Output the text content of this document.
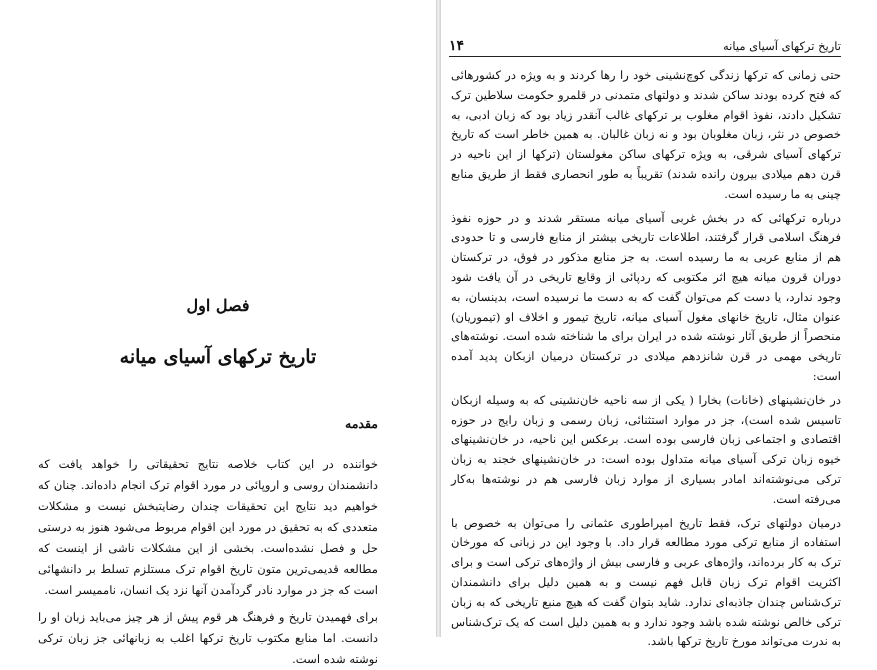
فصل اول
تاریخ ترکهای آسیای میانه
مقدمه

خواننده در این کتاب خلاصه نتایج تحقیقاتی را خواهد یافت که دانشمندان روسی و اروپائی در مورد اقوام ترک انجام داده‌اند. چنان که خواهیم دید نتایج این تحقیقات چندان رضایتبخش نیست و مشکلات متعددی که به تحقیق در مورد این اقوام مربوط می‌شود هنوز به درستی حل و فصل نشده‌است. بخشی از این مشکلات ناشی از اینست که مطالعه قدیمی‌ترین متون تاریخ اقوام ترک مستلزم تسلط بر دانشهائی است که جز در موارد نادر گردآمدن آنها نزد یک انسان، ناممیسر است.

برای فهمیدن تاریخ و فرهنگ هر قوم پیش از هر چیز می‌باید زبان او را دانست. اما منابع مکتوب تاریخ ترکها اغلب به زبانهائی جز زبان ترکی نوشته شده است.

۱۴	تاریخ ترکهای آسیای میانه

حتی زمانی که ترکها زندگی کوچ‌نشینی خود را رها کردند و به ویژه در کشورهائی که فتح کرده بودند ساکن شدند و دولتهای متمدنی در قلمرو حکومت سلاطین ترک تشکیل دادند، نفوذ اقوام مغلوب بر ترکهای غالب آنقدر زیاد بود که زبان ادبی، به خصوص در نثر، زبان مغلوبان بود و نه زبان غالبان. به همین خاطر است که تاریخ ترکهای آسیای شرقی، به ویژه ترکهای ساکن مغولستان (ترکها از این ناحیه در قرن دهم میلادی بیرون رانده شدند) تقریباً به طور انحصاری فقط از طریق منابع چینی به ما رسیده است.

درباره ترکهائی که در بخش غربی آسیای میانه مستقر شدند و در حوزه نفوذ فرهنگ اسلامی قرار گرفتند، اطلاعات تاریخی بیشتر از منابع فارسی و تا حدودی هم از منابع عربی به ما رسیده است. به جز منابع مذکور در فوق، در ترکستان دوران قرون میانه هیچ اثر مکتوبی که ردپائی از وقایع تاریخی در آن یافت شود وجود ندارد، یا دست کم می‌توان گفت که به دست ما نرسیده است، بدینسان، به عنوان مثال، تاریخ خانهای مغول آسیای میانه، تاریخ تیمور و اخلاف او (تیموریان) منحصراً از طریق آثار نوشته شده در ایران برای ما شناخته شده است. نوشته‌های تاریخی مهمی در قرن شانزدهم میلادی در ترکستان درمیان ازبکان پدید آمده است:

در خان‌نشینهای (خانات) بخارا ( یکی از سه ناحیه خان‌نشینی که به وسیله ازبکان تاسیس شده است)، جز در موارد استثنائی، زبان رسمی و زبان رایج در حوزه اقتصادی و اجتماعی زبان فارسی بوده است. برعکس این ناحیه، در خان‌نشینهای خیوه زبان ترکی آسیای میانه متداول بوده است: در خان‌نشینهای خجند به زبان ترکی می‌نوشته‌اند امادر بسیاری از موارد زبان فارسی هم در نوشته‌ها به‌کار می‌رفته است.

درمیان دولتهای ترک، فقط تاریخ امپراطوری عثمانی را می‌توان به خصوص با استفاده از منابع ترکی مورد مطالعه قرار داد. با وجود این در زبانی که مورخان ترک به کار برده‌اند، واژه‌های عربی و فارسی بیش از واژه‌های ترکی است و برای اکثریت اقوام ترک زبان قابل فهم نیست و به همین دلیل برای دانشمندان ترک‌شناس چندان جاذبه‌ای ندارد. شاید بتوان گفت که هیچ منبع تاریخی که به زبان ترکی خالص نوشته شده باشد وجود ندارد و به همین دلیل است که یک ترک‌شناس به ندرت می‌تواند مورخ تاریخ ترکها باشد.
